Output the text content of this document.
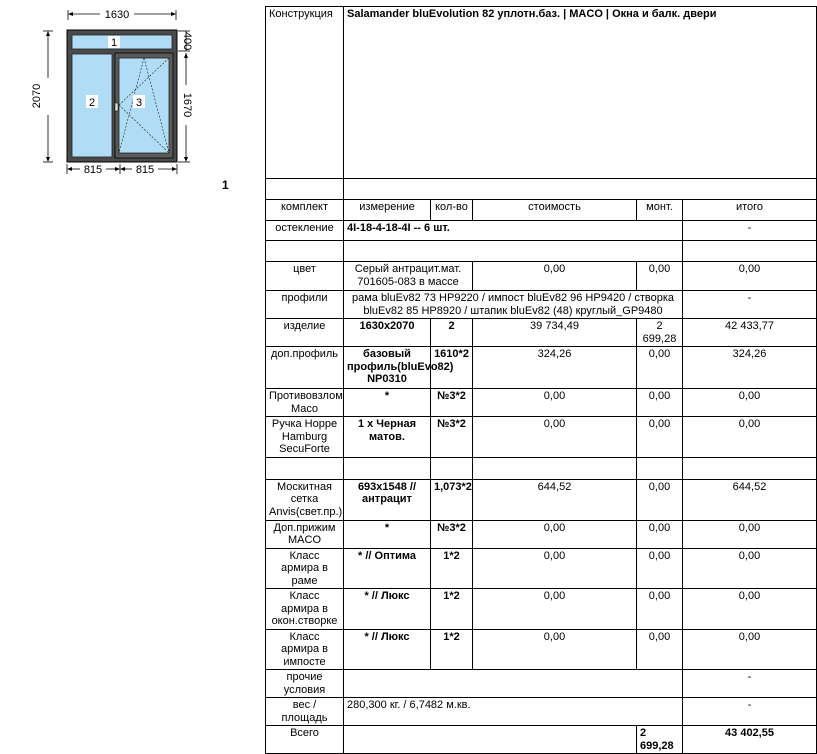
1630
2070
400
1670
1
2	3
815	815
1
Конструкция	Salamander bluEvolution 82 уплотн.баз. | MACO | Окна и балк. двери				

комплект	измерение	кол-во	стоимость	монт.	итого
остекление	4I-18-4-18-4I -- 6 шт.				-

цвет	Серый антрацит.мат. 701605-083 в массе		0,00	0,00	0,00
профили	рама bluEv82 73 HP9220 / импост bluEv82 96 HP9420 / створка bluEv82 85 HP8920 / штапик bluEv82 (48) круглый_GP9480				-
изделие	1630x2070	2	39 734,49	2 699,28	42 433,77
доп.профиль	базовый профиль(bluEvo82) NP0310	1610*2	324,26	0,00	324,26
Противовзлом Maco	*	№3*2	0,00	0,00	0,00
Ручка Hoppe Hamburg SecuForte	1 х Черная матов.	№3*2	0,00	0,00	0,00

Москитная сетка Anvis(свет.пр.)	693x1548 // антрацит	1,073*2	644,52	0,00	644,52
Доп.прижим MACO	*	№3*2	0,00	0,00	0,00
Класс армира в раме	* // Оптима	1*2	0,00	0,00	0,00
Класс армира в окон.створке	* // Люкс	1*2	0,00	0,00	0,00
Класс армира в импосте	* // Люкс	1*2	0,00	0,00	0,00
прочие условия					-
вес / площадь	280,300 кг. / 6,7482 м.кв.				-
Всего				2 699,28	43 402,55
